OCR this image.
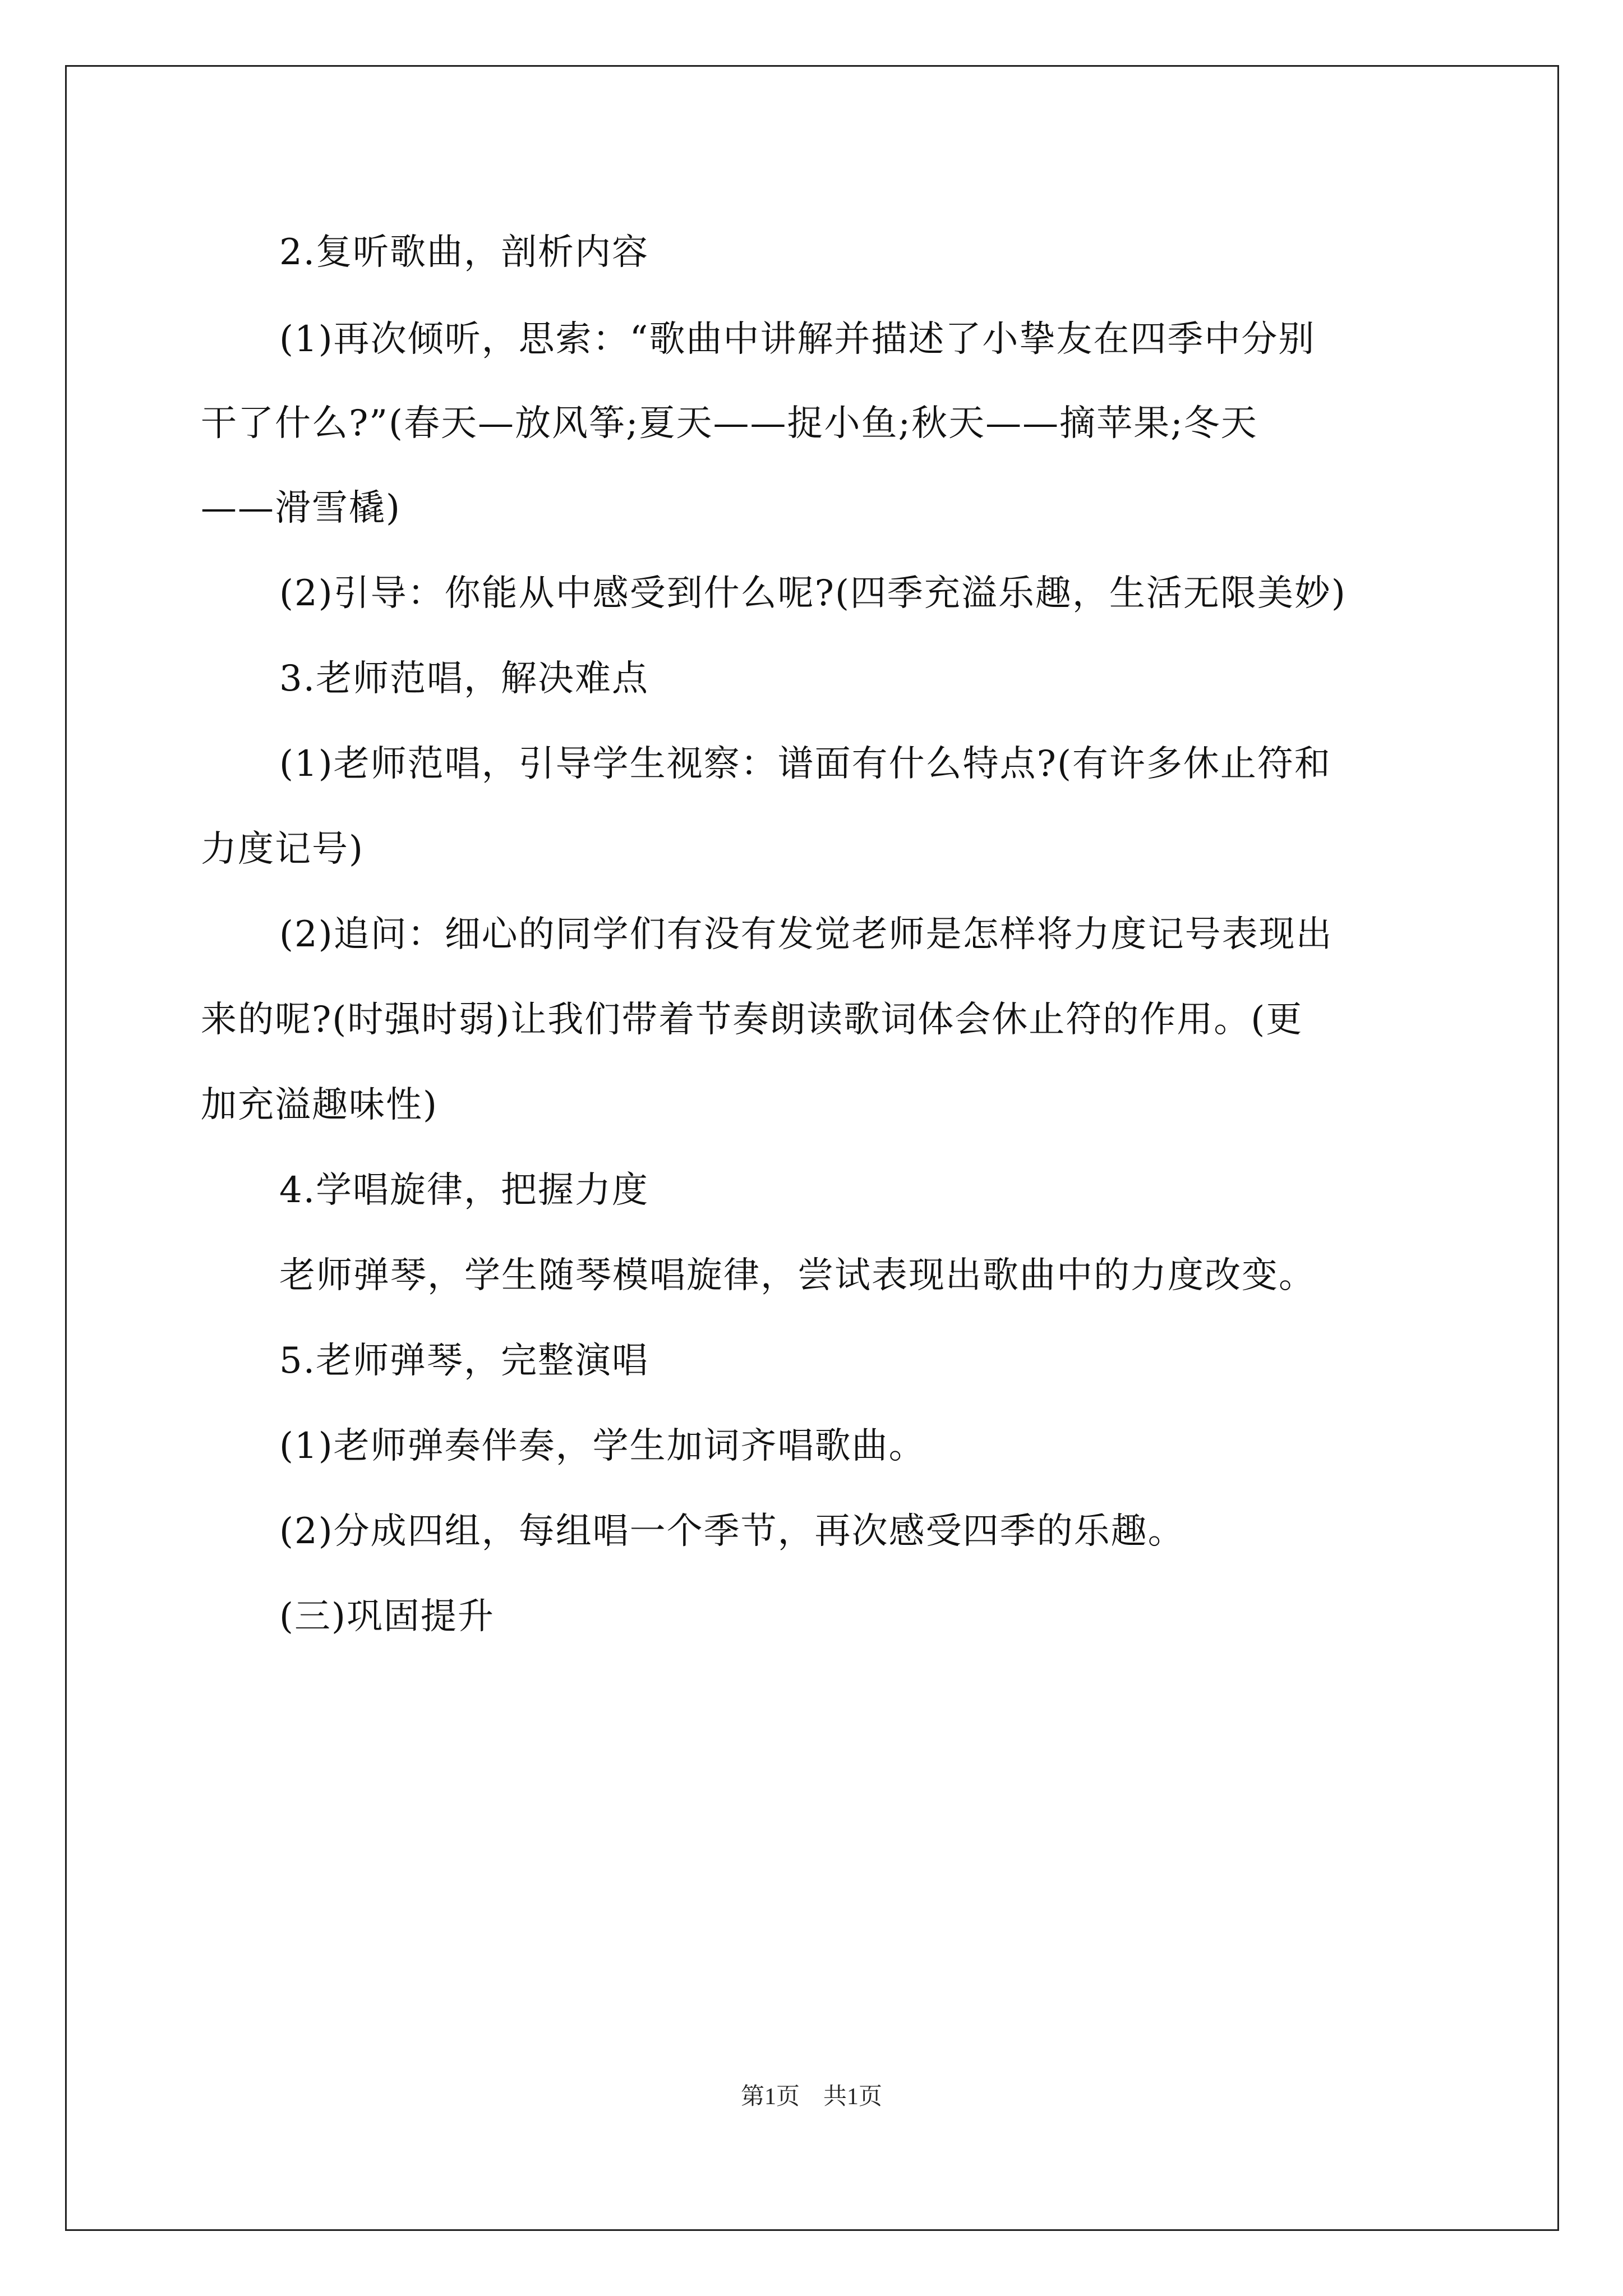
2.复听歌曲，剖析内容
(1)再次倾听，思索：“歌曲中讲解并描述了小挚友在四季中分别
干了什么?”(春天—放风筝;夏天——捉小鱼;秋天——摘苹果;冬天
——滑雪橇)
(2)引导：你能从中感受到什么呢?(四季充溢乐趣，生活无限美妙)
3.老师范唱，解决难点
(1)老师范唱，引导学生视察：谱面有什么特点?(有许多休止符和
力度记号)
(2)追问：细心的同学们有没有发觉老师是怎样将力度记号表现出
来的呢?(时强时弱)让我们带着节奏朗读歌词体会休止符的作用。(更
加充溢趣味性)
4.学唱旋律，把握力度
老师弹琴，学生随琴模唱旋律，尝试表现出歌曲中的力度改变。
5.老师弹琴，完整演唱
(1)老师弹奏伴奏，学生加词齐唱歌曲。
(2)分成四组，每组唱一个季节，再次感受四季的乐趣。
(三)巩固提升
第1页　共1页
